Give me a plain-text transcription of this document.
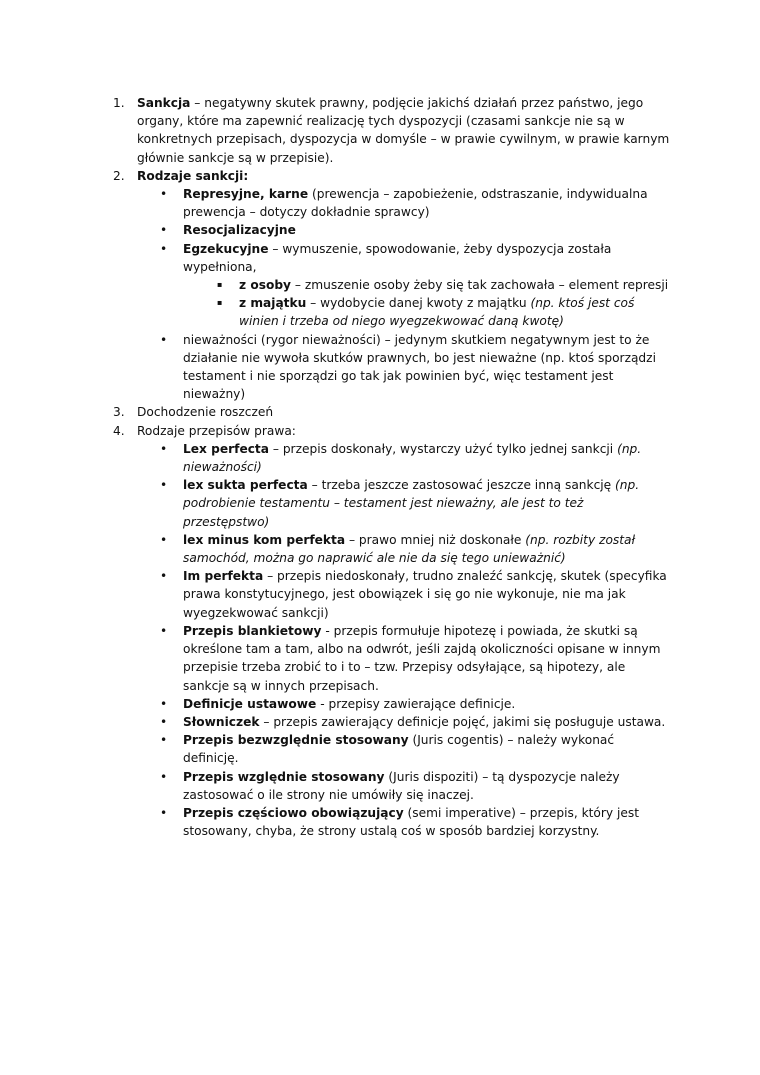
1. Sankcja – negatywny skutek prawny, podjęcie jakichś działań przez państwo, jego organy, które ma zapewnić realizację tych dyspozycji (czasami sankcje nie są w konkretnych przepisach, dyspozycja w domyśle – w prawie cywilnym, w prawie karnym głównie sankcje są w przepisie).
2. Rodzaje sankcji:
• Represyjne, karne (prewencja – zapobieżenie, odstraszanie, indywidualna prewencja – dotyczy dokładnie sprawcy)
• Resocjalizacyjne
• Egzekucyjne – wymuszenie, spowodowanie, żeby dyspozycja została wypełniona,
▪ z osoby – zmuszenie osoby żeby się tak zachowała – element represji
▪ z majątku – wydobycie danej kwoty z majątku (np. ktoś jest coś winien i trzeba od niego wyegzekwować daną kwotę)
• nieważności (rygor nieważności) – jedynym skutkiem negatywnym jest to że działanie nie wywoła skutków prawnych, bo jest nieważne (np. ktoś sporządzi testament i nie sporządzi go tak jak powinien być, więc testament jest nieważny)
3. Dochodzenie roszczeń
4. Rodzaje przepisów prawa:
• Lex perfecta – przepis doskonały, wystarczy użyć tylko jednej sankcji (np. nieważności)
• lex sukta perfecta – trzeba jeszcze zastosować jeszcze inną sankcję (np. podrobienie testamentu – testament jest nieważny, ale jest to też przestępstwo)
• lex minus kom perfekta – prawo mniej niż doskonałe (np. rozbity został samochód, można go naprawić ale nie da się tego unieważnić)
• Im perfekta – przepis niedoskonały, trudno znaleźć sankcję, skutek (specyfika prawa konstytucyjnego, jest obowiązek i się go nie wykonuje, nie ma jak wyegzekwować sankcji)
• Przepis blankietowy - przepis formułuje hipotezę i powiada, że skutki są określone tam a tam, albo na odwrót, jeśli zajdą okoliczności opisane w innym przepisie trzeba zrobić to i to – tzw. Przepisy odsyłające, są hipotezy, ale sankcje są w innych przepisach.
• Definicje ustawowe - przepisy zawierające definicje.
• Słowniczek – przepis zawierający definicje pojęć, jakimi się posługuje ustawa.
• Przepis bezwzględnie stosowany (Juris cogentis) – należy wykonać definicję.
• Przepis względnie stosowany (Juris dispoziti) – tą dyspozycje należy zastosować o ile strony nie umówiły się inaczej.
• Przepis częściowo obowiązujący (semi imperative) – przepis, który jest stosowany, chyba, że strony ustalą coś w sposób bardziej korzystny.
